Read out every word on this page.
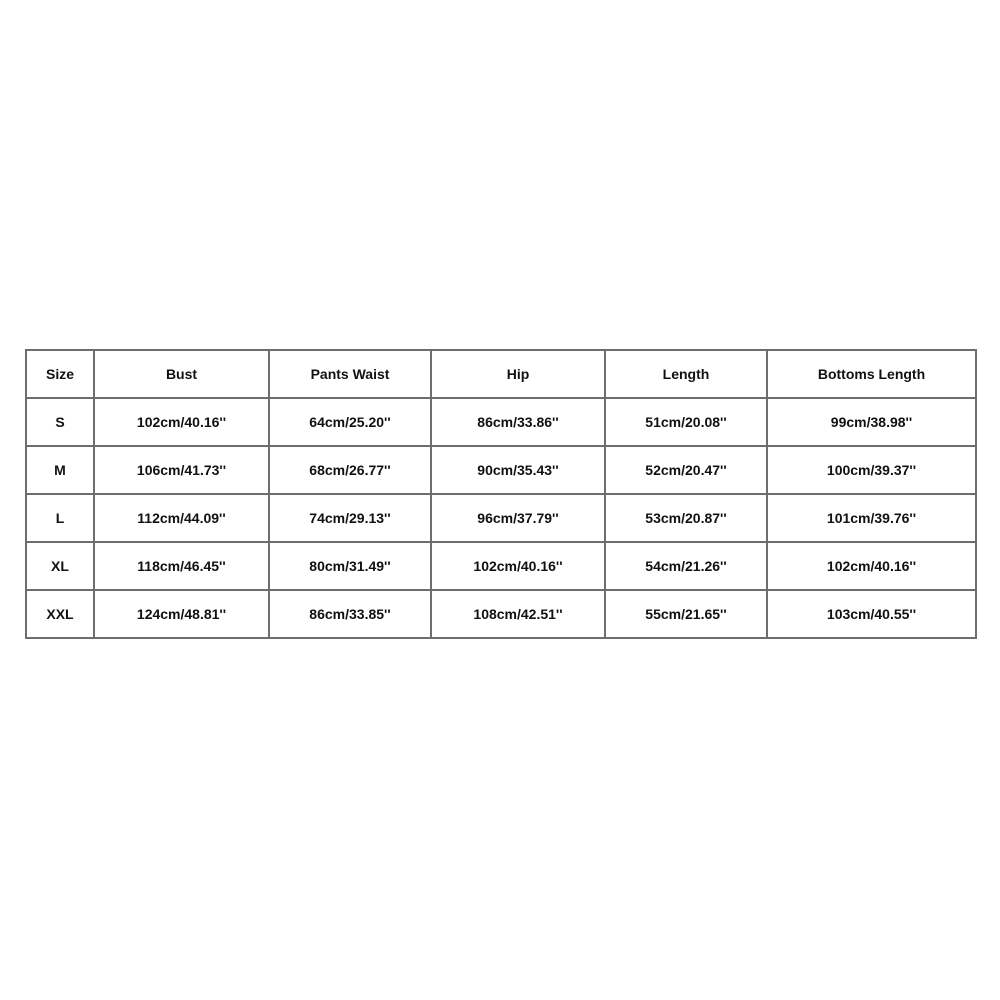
Size	Bust	Pants Waist	Hip	Length	Bottoms Length
S	102cm/40.16''	64cm/25.20''	86cm/33.86''	51cm/20.08''	99cm/38.98''
M	106cm/41.73''	68cm/26.77''	90cm/35.43''	52cm/20.47''	100cm/39.37''
L	112cm/44.09''	74cm/29.13''	96cm/37.79''	53cm/20.87''	101cm/39.76''
XL	118cm/46.45''	80cm/31.49''	102cm/40.16''	54cm/21.26''	102cm/40.16''
XXL	124cm/48.81''	86cm/33.85''	108cm/42.51''	55cm/21.65''	103cm/40.55''
